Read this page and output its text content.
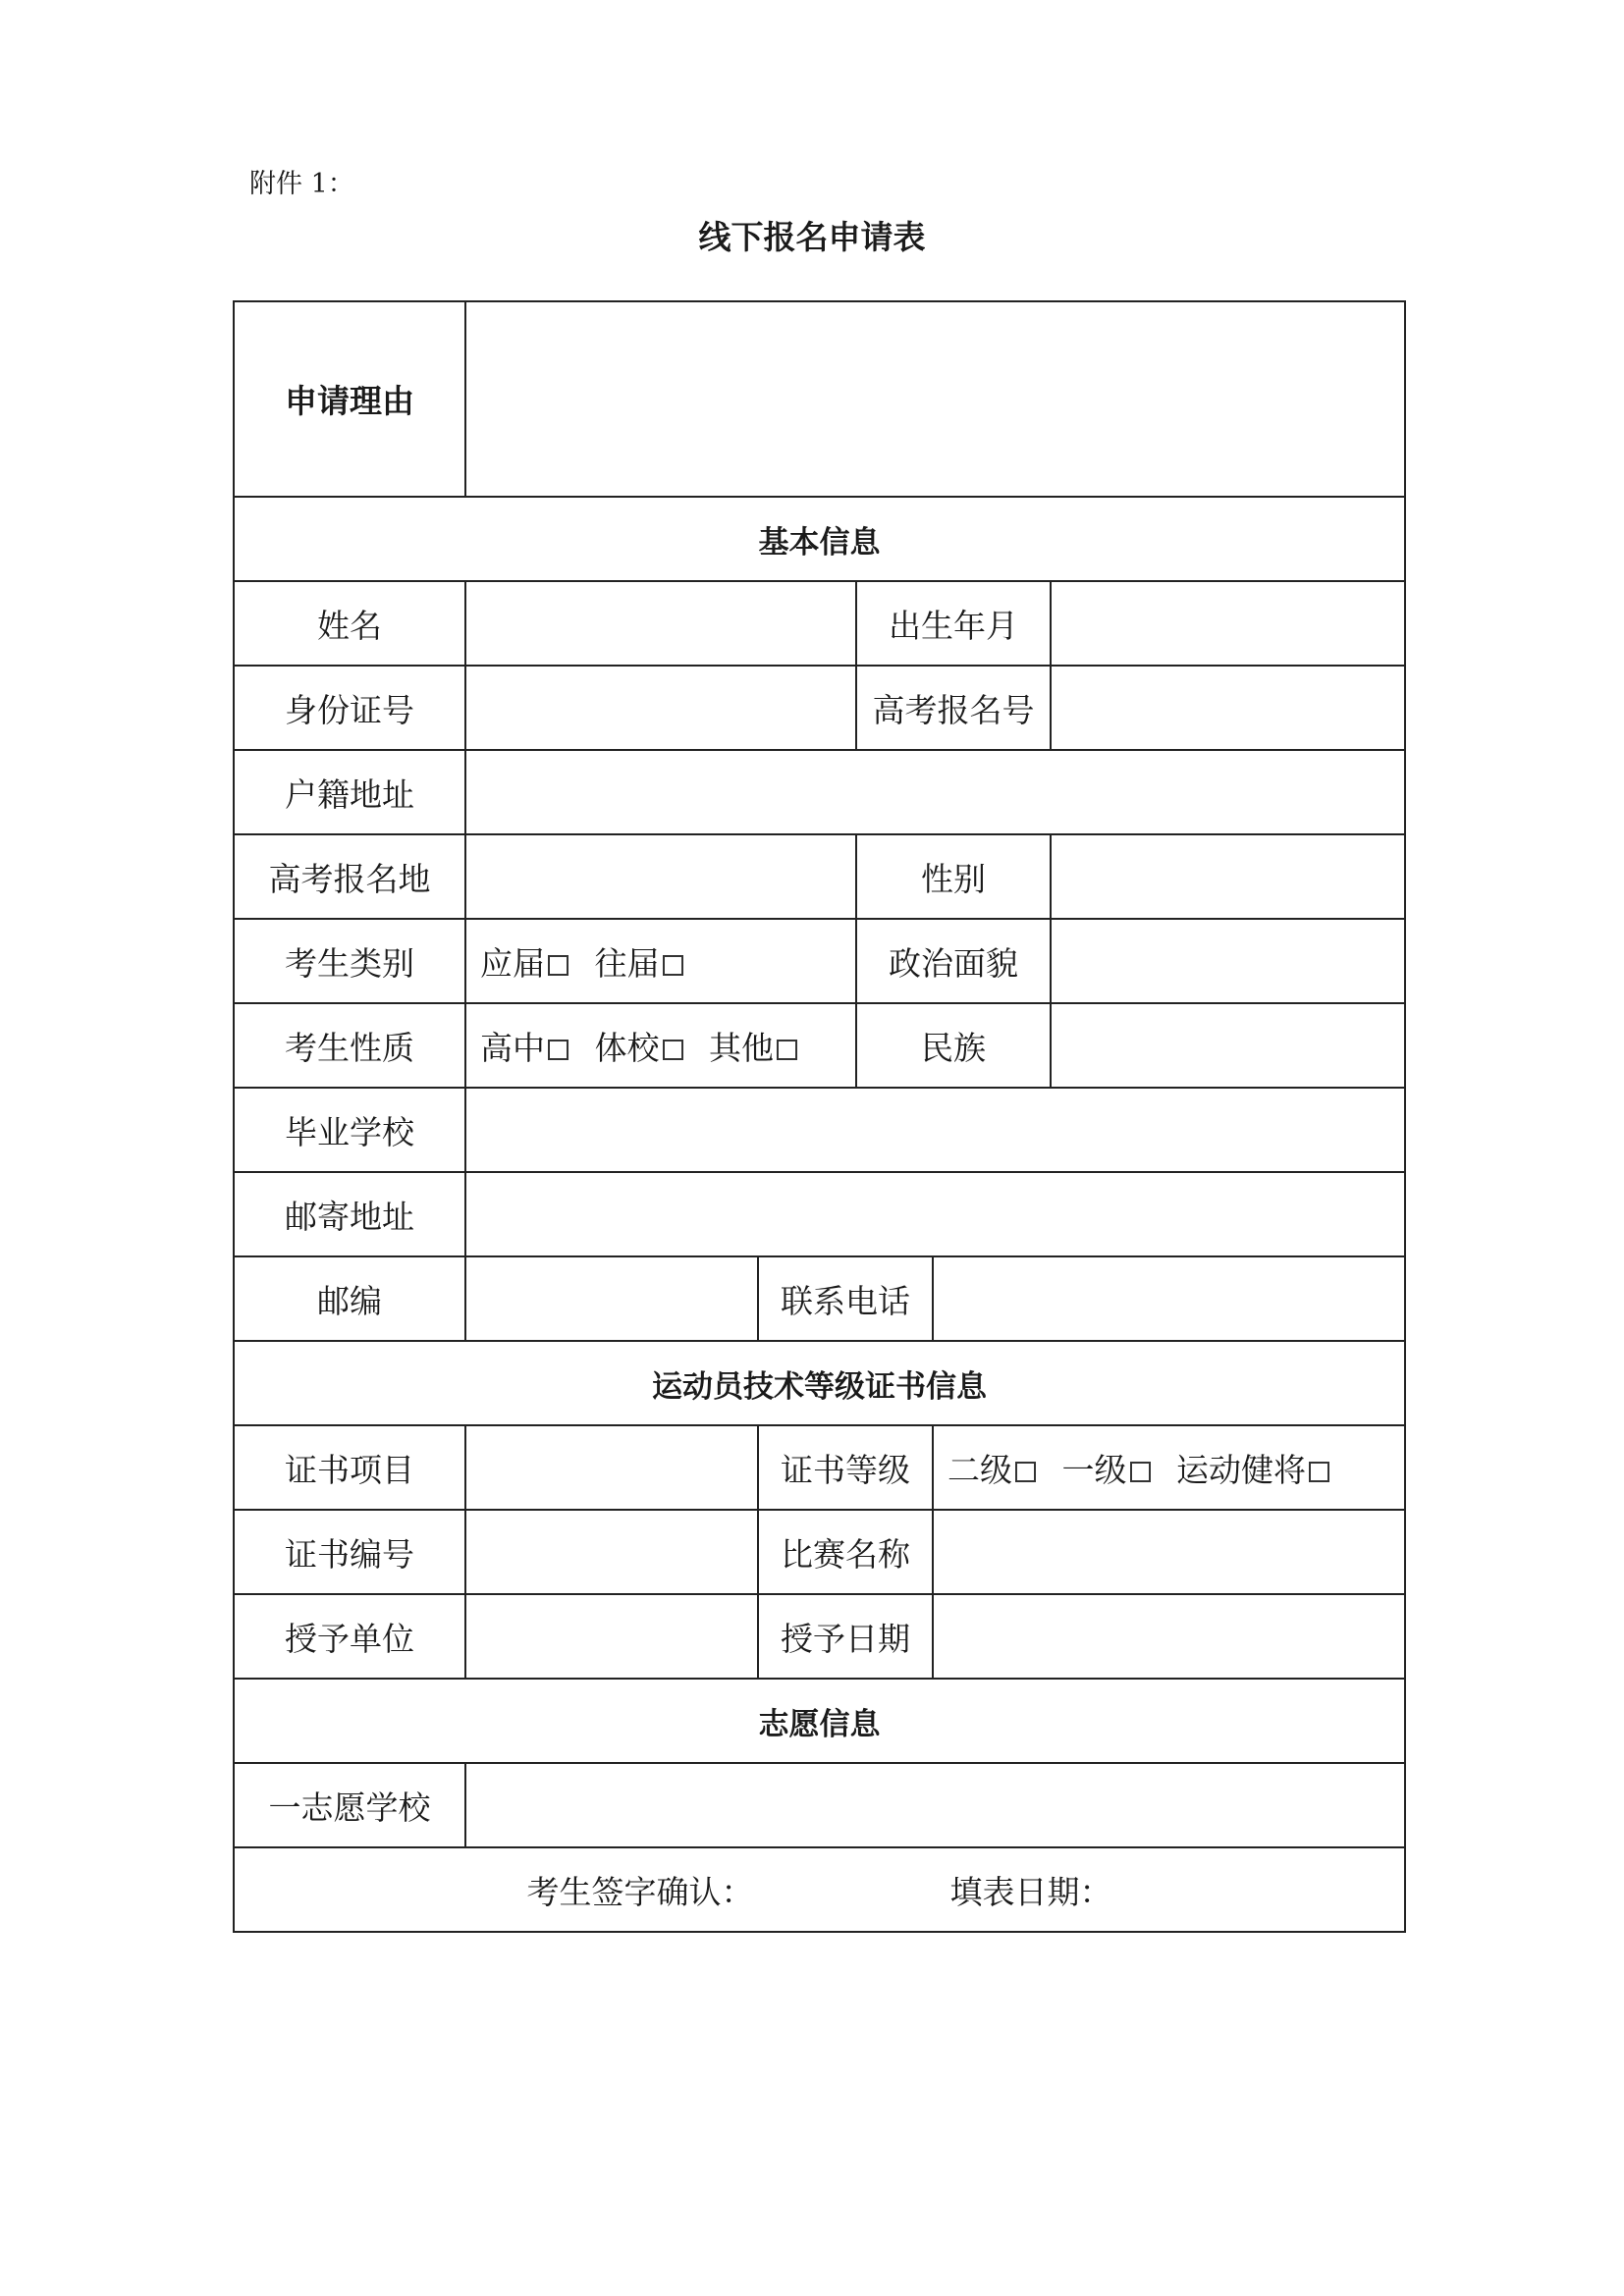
附件 1：
线下报名申请表
申请理由					
基本信息					
姓名			出生年月		
身份证号			高考报名号		
户籍地址					
高考报名地			性别		
考生类别	应届 往届		政治面貌		
考生性质	高中 体校 其他		民族		
毕业学校					
邮寄地址					
邮编		联系电话			
运动员技术等级证书信息					
证书项目		证书等级		二级 一级 运动健将	
证书编号		比赛名称			
授予单位		授予日期			
志愿信息					
一志愿学校					
考生签字确认： 填表日期：					
